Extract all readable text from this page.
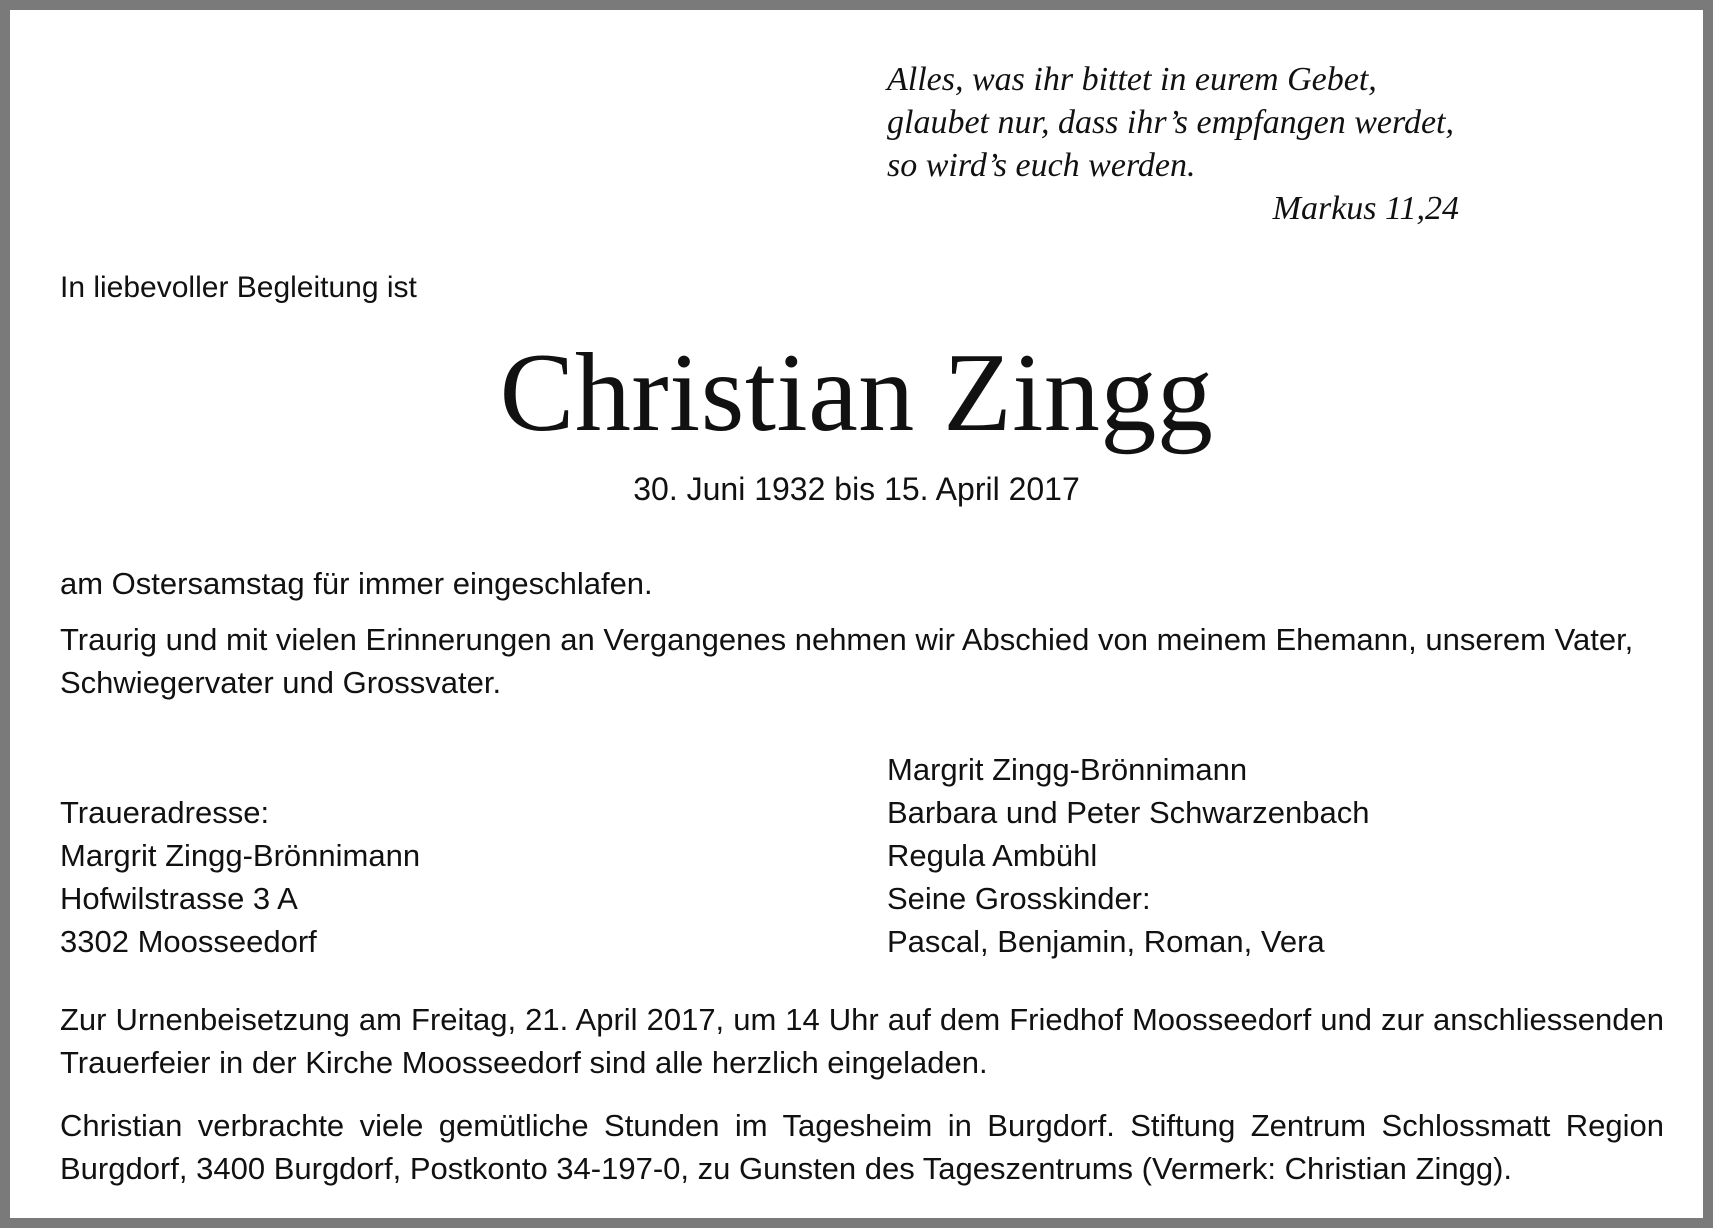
Alles, was ihr bittet in eurem Gebet,
glaubet nur, dass ihr’s empfangen werdet,
so wird’s euch werden.
Markus 11,24
In liebevoller Begleitung ist
Christian Zingg
30. Juni 1932 bis 15. April 2017
am Ostersamstag für immer eingeschlafen.
Traurig und mit vielen Erinnerungen an Vergangenes nehmen wir Abschied von meinem Ehemann, unserem Vater, Schwiegervater und Grossvater.
Traueradresse:
Margrit Zingg-Brönnimann
Hofwilstrasse 3 A
3302 Moosseedorf
Margrit Zingg-Brönnimann
Barbara und Peter Schwarzenbach
Regula Ambühl
Seine Grosskinder:
Pascal, Benjamin, Roman, Vera
Zur Urnenbeisetzung am Freitag, 21. April 2017, um 14 Uhr auf dem Friedhof Moosseedorf und zur anschliessenden Trauerfeier in der Kirche Moosseedorf sind alle herzlich eingeladen.
Christian verbrachte viele gemütliche Stunden im Tagesheim in Burgdorf. Stiftung Zentrum Schlossmatt Region Burgdorf, 3400 Burgdorf, Postkonto 34-197-0, zu Gunsten des Tageszentrums (Vermerk: Christian Zingg).
